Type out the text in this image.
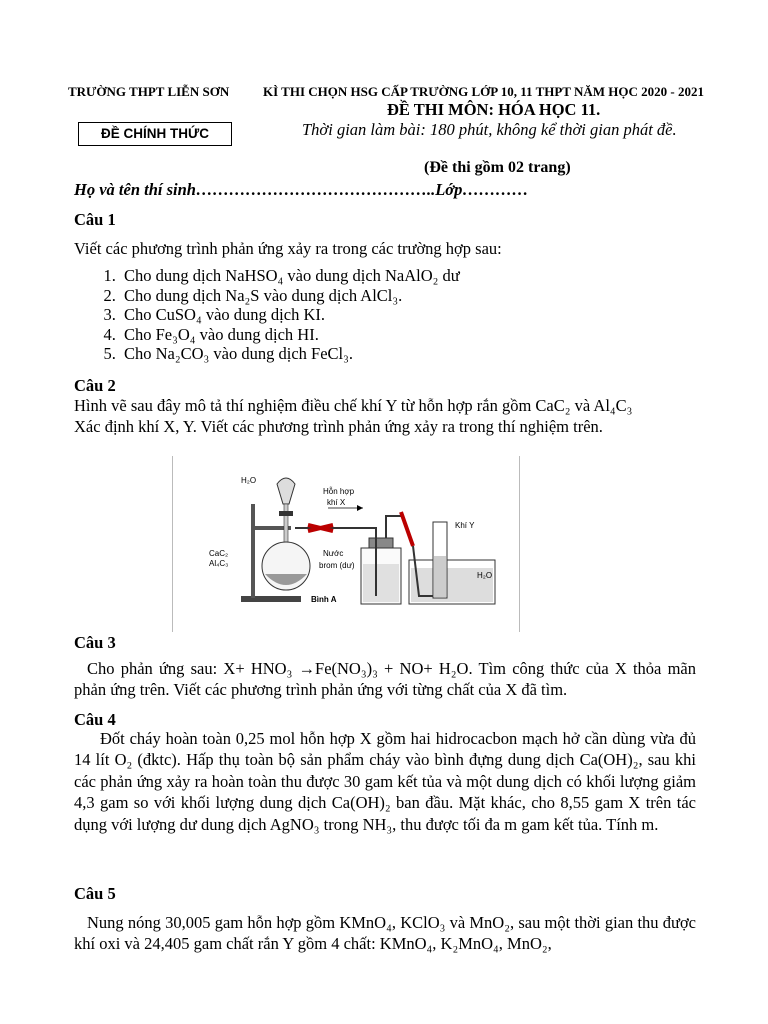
TRƯỜNG THPT LIỄN SƠN	KÌ THI CHỌN HSG CẤP TRƯỜNG LỚP 10, 11 THPT NĂM HỌC 2020 - 2021
ĐỀ THI MÔN: HÓA HỌC 11.
ĐỀ CHÍNH THỨC	Thời gian làm bài: 180 phút, không kể thời gian phát đề.
(Đề thi gồm 02 trang)
Họ và tên thí sinh……………………………………..Lớp…………
Câu 1
Viết các phương trình phản ứng xảy ra trong các trường hợp sau:
1. Cho dung dịch NaHSO₄ vào dung dịch NaAlO₂ dư
2. Cho dung dịch Na₂S vào dung dịch AlCl₃.
3. Cho CuSO₄ vào dung dịch KI.
4. Cho Fe₃O₄ vào dung dịch HI.
5. Cho Na₂CO₃ vào dung dịch FeCl₃.
Câu 2
Hình vẽ sau đây mô tả thí nghiệm điều chế khí Y từ hỗn hợp rắn gồm CaC₂ và Al₄C₃
Xác định khí X, Y. Viết các phương trình phản ứng xảy ra trong thí nghiệm trên.
H₂O
Hỗn hợp
khí X
CaC₂
Al₄C₃
Nước
brom (dư)
Bình A
Khí Y
H₂O
Câu 3
Cho phản ứng sau: X+ HNO₃ →Fe(NO₃)₃ + NO+ H₂O. Tìm công thức của X thỏa mãn phản ứng trên. Viết các phương trình phản ứng với từng chất của X đã tìm.
Câu 4
Đốt cháy hoàn toàn 0,25 mol hỗn hợp X gồm hai hidrocacbon mạch hở cần dùng vừa đủ 14 lít O₂ (đktc). Hấp thụ toàn bộ sản phẩm cháy vào bình đựng dung dịch Ca(OH)₂, sau khi các phản ứng xảy ra hoàn toàn thu được 30 gam kết tủa và một dung dịch có khối lượng giảm 4,3 gam so với khối lượng dung dịch Ca(OH)₂ ban đầu. Mặt khác, cho 8,55 gam X trên tác dụng với lượng dư dung dịch AgNO₃ trong NH₃, thu được tối đa m gam kết tủa. Tính m.
Câu 5
Nung nóng 30,005 gam hỗn hợp gồm KMnO₄, KClO₃ và MnO₂, sau một thời gian thu được khí oxi và 24,405 gam chất rắn Y gồm 4 chất: KMnO₄, K₂MnO₄, MnO₂,
